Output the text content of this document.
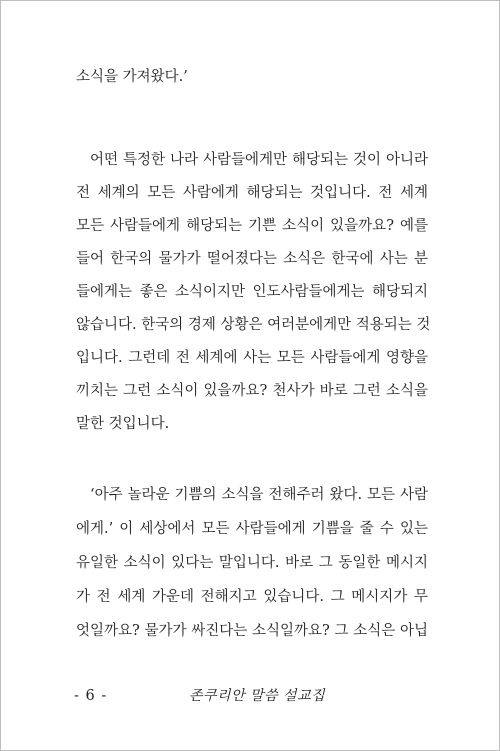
소식을 가져왔다.’
어떤 특정한 나라 사람들에게만 해당되는 것이 아니라
전 세계의 모든 사람에게 해당되는 것입니다. 전 세계
모든 사람들에게 해당되는 기쁜 소식이 있을까요? 예를
들어 한국의 물가가 떨어졌다는 소식은 한국에 사는 분
들에게는 좋은 소식이지만 인도사람들에게는 해당되지
않습니다. 한국의 경제 상황은 여러분에게만 적용되는 것
입니다. 그런데 전 세계에 사는 모든 사람들에게 영향을
끼치는 그런 소식이 있을까요? 천사가 바로 그런 소식을
말한 것입니다.
‘아주 놀라운 기쁨의 소식을 전해주러 왔다. 모든 사람
에게.’ 이 세상에서 모든 사람들에게 기쁨을 줄 수 있는
유일한 소식이 있다는 말입니다. 바로 그 동일한 메시지
가 전 세계 가운데 전해지고 있습니다. 그 메시지가 무
엇일까요? 물가가 싸진다는 소식일까요? 그 소식은 아닙
- 6 -	존쿠리안 말씀 설교집
